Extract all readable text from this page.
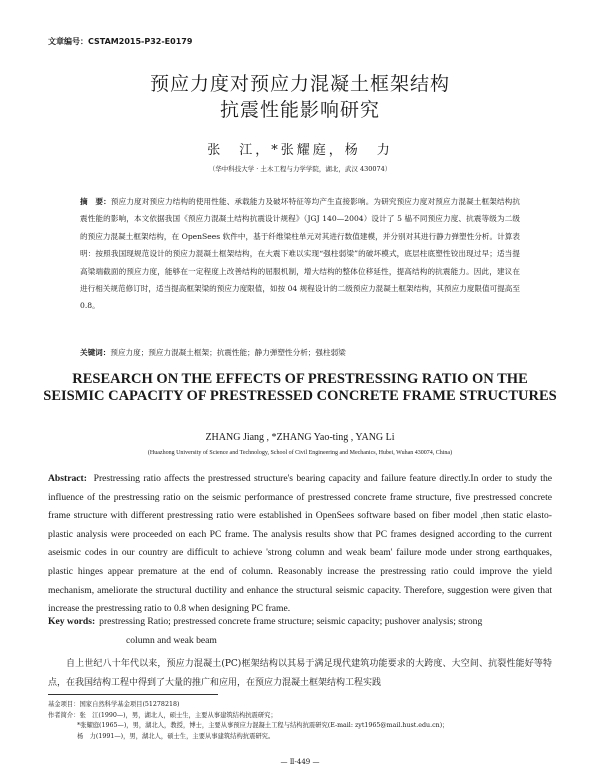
文章编号：CSTAM2015-P32-E0179
预应力度对预应力混凝土框架结构
抗震性能影响研究
张　江，*张耀庭，杨　力
（华中科技大学 · 土木工程与力学学院，湖北，武汉 430074）
摘　要：预应力度对预应力结构的使用性能、承载能力及破坏特征等均产生直接影响。为研究预应力度对预应力混凝土框架结构抗震性能的影响，本文依据我国《预应力混凝土结构抗震设计规程》（JGJ 140—2004）设计了 5 榀不同预应力度、抗震等级为二级的预应力混凝土框架结构，在 OpenSees 软件中，基于纤维梁柱单元对其进行数值建模，并分别对其进行静力弹塑性分析。计算表明：按照我国现规范设计的预应力混凝土框架结构，在大震下难以实现“强柱弱梁”的破坏模式，底层柱底塑性铰出现过早；适当提高梁端截面的预应力度，能够在一定程度上改善结构的屈服机制，增大结构的整体位移延性，提高结构的抗震能力。因此，建议在进行相关规范修订时，适当提高框架梁的预应力度限值，如按 04 规程设计的二级预应力混凝土框架结构，其预应力度限值可提高至 0.8。
关键词：预应力度；预应力混凝土框架；抗震性能；静力弹塑性分析；强柱弱梁
RESEARCH ON THE EFFECTS OF PRESTRESSING RATIO ON THE SEISMIC CAPACITY OF PRESTRESSED CONCRETE FRAME STRUCTURES
ZHANG Jiang , *ZHANG Yao-ting , YANG Li
(Huazhong University of Science and Technology, School of Civil Engineering and Mechanics, Hubei, Wuhan 430074, China)
Abstract: Prestressing ratio affects the prestressed structure's bearing capacity and failure feature directly.In order to study the influence of the prestressing ratio on the seismic performance of prestressed concrete frame structure, five prestressed concrete frame structure with different prestressing ratio were established in OpenSees software based on fiber model ,then static elasto-plastic analysis were proceeded on each PC frame. The analysis results show that PC frames designed according to the current aseismic codes in our country are difficult to achieve 'strong column and weak beam' failure mode under strong earthquakes, plastic hinges appear premature at the end of column. Reasonably increase the prestressing ratio could improve the yield mechanism, ameliorate the structural ductility and enhance the structural seismic capacity. Therefore, suggestion were given that increase the prestressing ratio to 0.8 when designing PC frame.
Key words: prestressing Ratio; prestressed concrete frame structure; seismic capacity; pushover analysis; strong
column and weak beam
自上世纪八十年代以来，预应力混凝土(PC)框架结构以其易于满足现代建筑功能要求的大跨度、大空间、抗裂性能好等特点，在我国结构工程中得到了大量的推广和应用，在预应力混凝土框架结构工程实践
基金项目：国家自然科学基金项目(51278218)
作者简介：张　江(1990—)，男，湖北人，硕士生，主要从事建筑结构抗震研究；
*张耀庭(1965—)，男，湖北人，教授，博士，主要从事预应力混凝土工程与结构抗震研究(E-mail: zyt1965@mail.hust.edu.cn)；
杨　力(1991—)，男，湖北人，硕士生，主要从事建筑结构抗震研究。
— Ⅱ-449 —
